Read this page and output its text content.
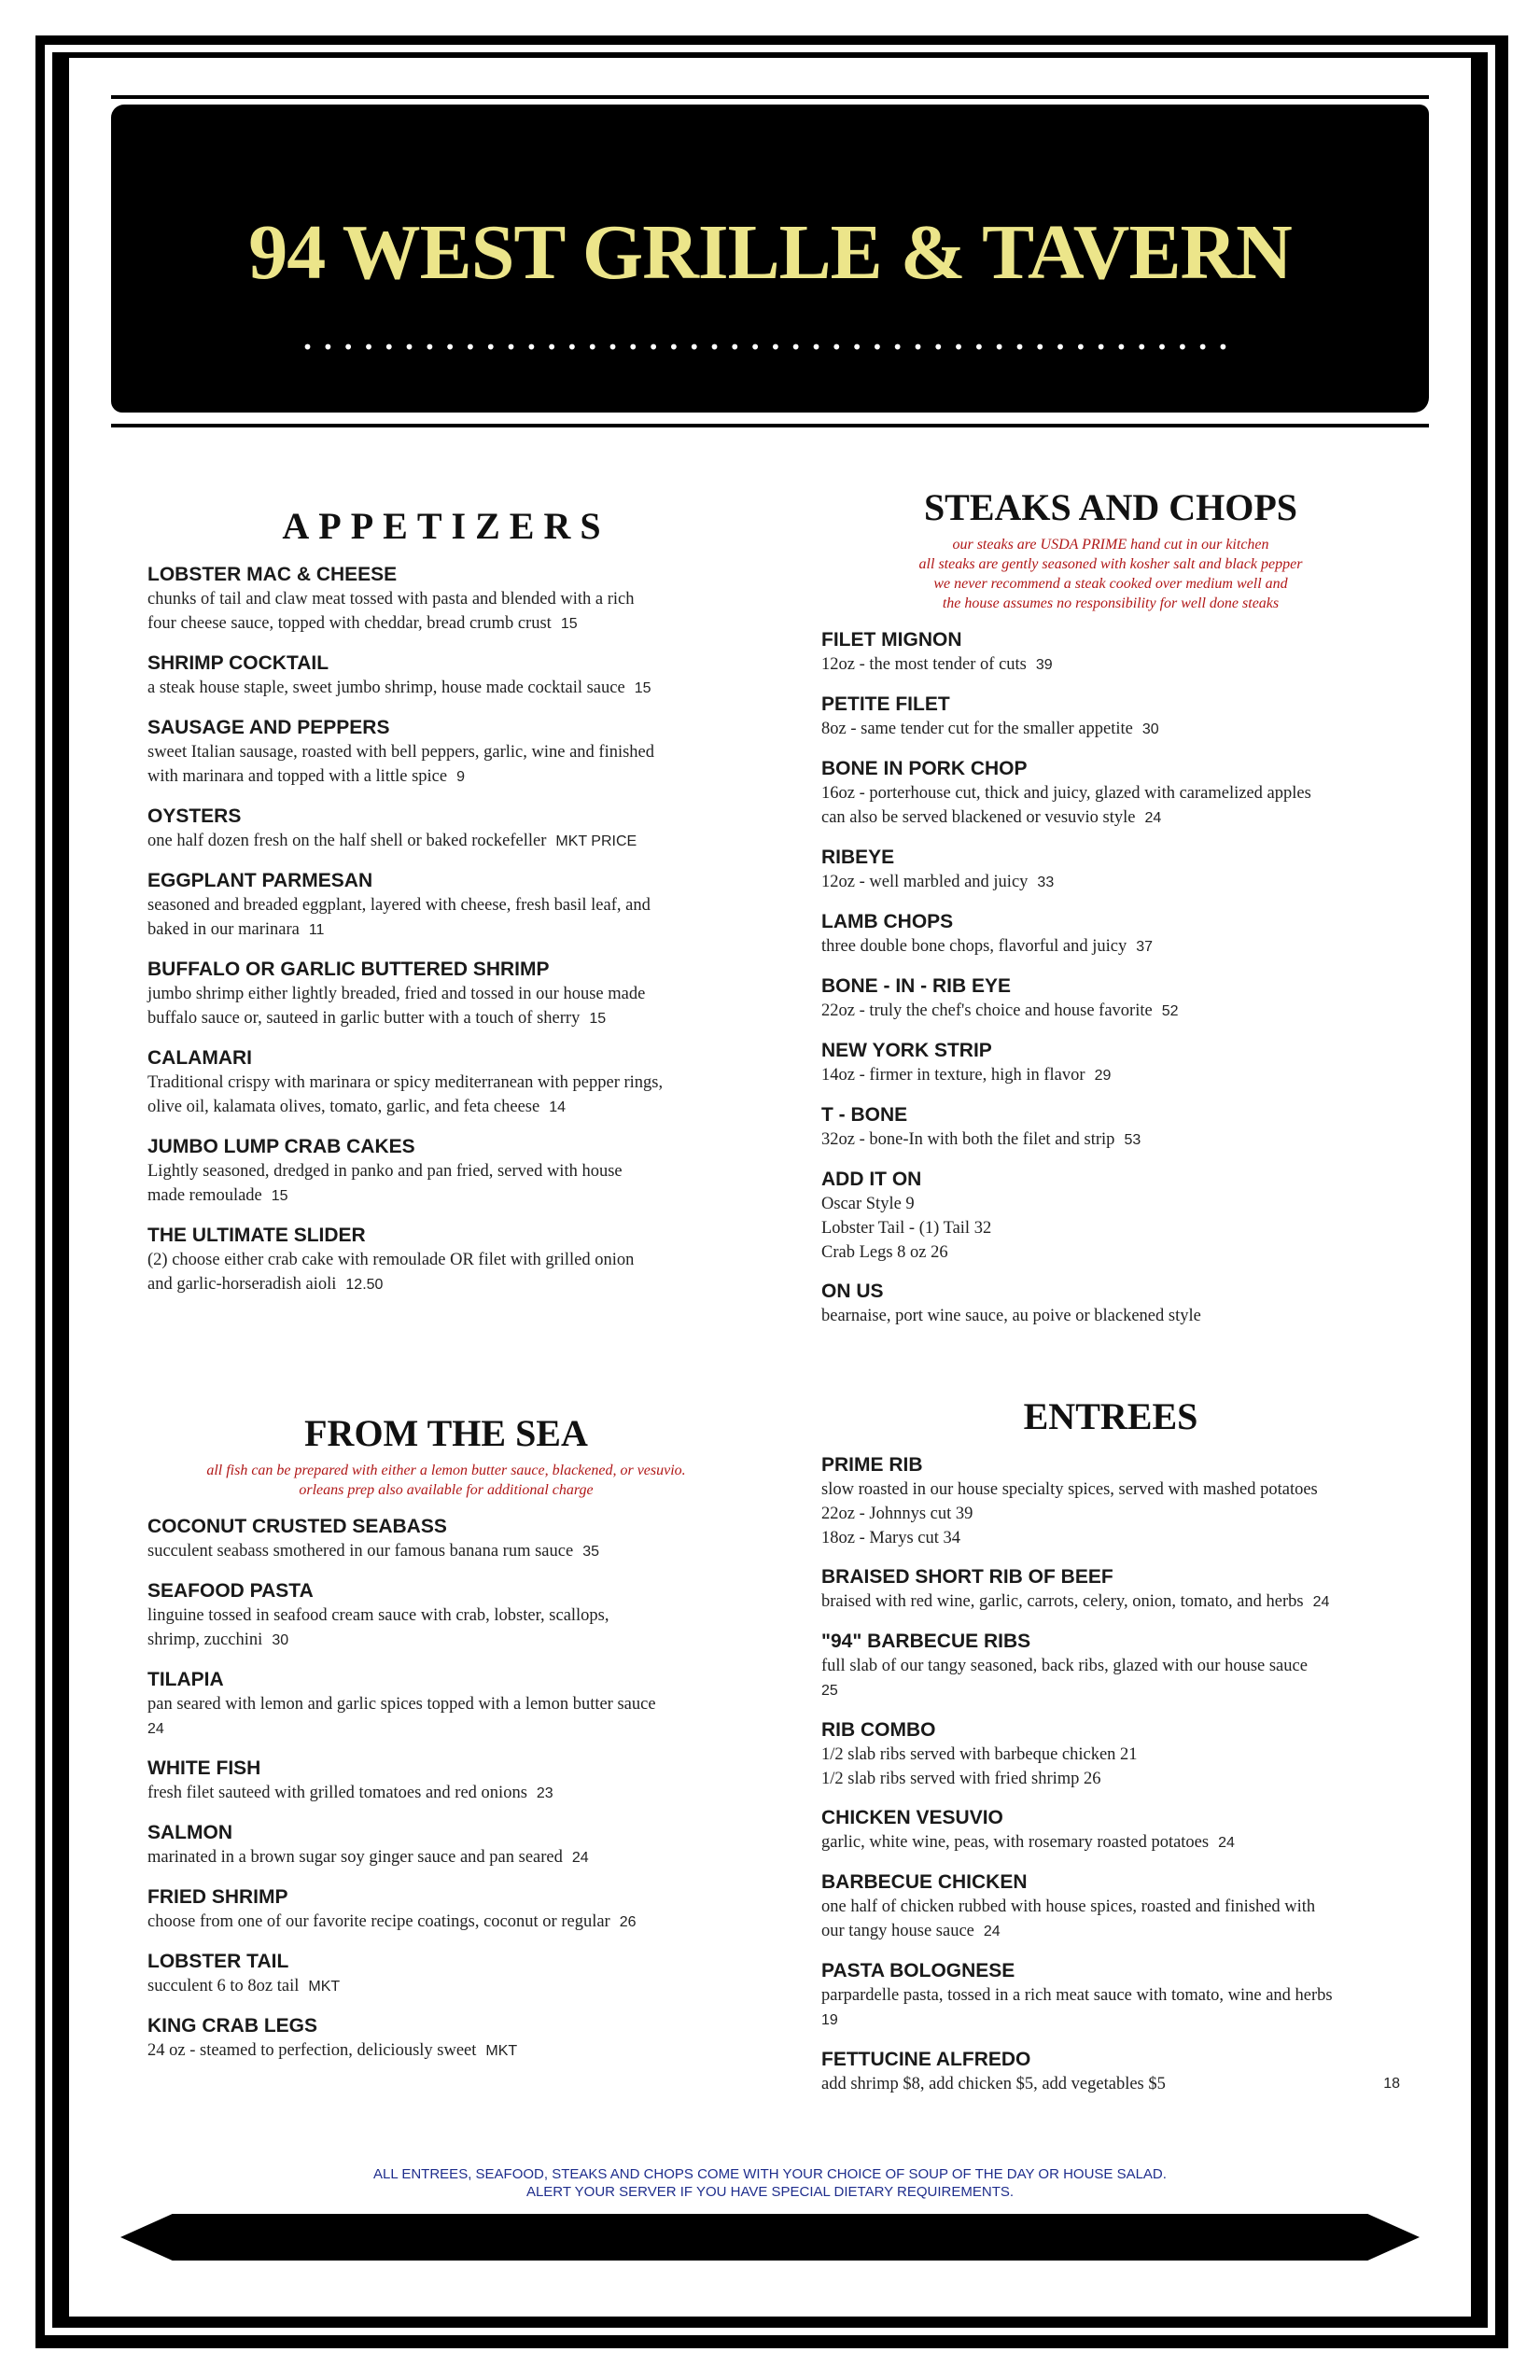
94 WEST GRILLE & TAVERN
••••••••••••••••••••••••••••••••••••••••••••••
APPETIZERS
LOBSTER MAC & CHEESE
chunks of tail and claw meat tossed with pasta and blended with a rich
four cheese sauce, topped with cheddar, bread crumb crust 15
SHRIMP COCKTAIL
a steak house staple, sweet jumbo shrimp, house made cocktail sauce 15
SAUSAGE AND PEPPERS
sweet Italian sausage, roasted with bell peppers, garlic, wine and finished
with marinara and topped with a little spice 9
OYSTERS
one half dozen fresh on the half shell or baked rockefeller MKT PRICE
EGGPLANT PARMESAN
seasoned and breaded eggplant, layered with cheese, fresh basil leaf, and
baked in our marinara 11
BUFFALO OR GARLIC BUTTERED SHRIMP
jumbo shrimp either lightly breaded, fried and tossed in our house made
buffalo sauce or, sauteed in garlic butter with a touch of sherry 15
CALAMARI
Traditional crispy with marinara or spicy mediterranean with pepper rings,
olive oil, kalamata olives, tomato, garlic, and feta cheese 14
JUMBO LUMP CRAB CAKES
Lightly seasoned, dredged in panko and pan fried, served with house
made remoulade 15
THE ULTIMATE SLIDER
(2) choose either crab cake with remoulade OR filet with grilled onion
and garlic-horseradish aioli 12.50
FROM THE SEA
all fish can be prepared with either a lemon butter sauce, blackened, or vesuvio.
orleans prep also available for additional charge
COCONUT CRUSTED SEABASS
succulent seabass smothered in our famous banana rum sauce 35
SEAFOOD PASTA
linguine tossed in seafood cream sauce with crab, lobster, scallops,
shrimp, zucchini 30
TILAPIA
pan seared with lemon and garlic spices topped with a lemon butter sauce
24
WHITE FISH
fresh filet sauteed with grilled tomatoes and red onions 23
SALMON
marinated in a brown sugar soy ginger sauce and pan seared 24
FRIED SHRIMP
choose from one of our favorite recipe coatings, coconut or regular 26
LOBSTER TAIL
succulent 6 to 8oz tail MKT
KING CRAB LEGS
24 oz - steamed to perfection, deliciously sweet MKT
STEAKS AND CHOPS
our steaks are USDA PRIME hand cut in our kitchen
all steaks are gently seasoned with kosher salt and black pepper
we never recommend a steak cooked over medium well and
the house assumes no responsibility for well done steaks
FILET MIGNON
12oz - the most tender of cuts 39
PETITE FILET
8oz - same tender cut for the smaller appetite 30
BONE IN PORK CHOP
16oz - porterhouse cut, thick and juicy, glazed with caramelized apples
can also be served blackened or vesuvio style 24
RIBEYE
12oz - well marbled and juicy 33
LAMB CHOPS
three double bone chops, flavorful and juicy 37
BONE - IN - RIB EYE
22oz - truly the chef's choice and house favorite 52
NEW YORK STRIP
14oz - firmer in texture, high in flavor 29
T - BONE
32oz - bone-In with both the filet and strip 53
ADD IT ON
Oscar Style 9
Lobster Tail - (1) Tail 32
Crab Legs 8 oz 26
ON US
bearnaise, port wine sauce, au poive or blackened style
ENTREES
PRIME RIB
slow roasted in our house specialty spices, served with mashed potatoes
22oz - Johnnys cut 39
18oz - Marys cut 34
BRAISED SHORT RIB OF BEEF
braised with red wine, garlic, carrots, celery, onion, tomato, and herbs 24
"94" BARBECUE RIBS
full slab of our tangy seasoned, back ribs, glazed with our house sauce
25
RIB COMBO
1/2 slab ribs served with barbeque chicken 21
1/2 slab ribs served with fried shrimp 26
CHICKEN VESUVIO
garlic, white wine, peas, with rosemary roasted potatoes 24
BARBECUE CHICKEN
one half of chicken rubbed with house spices, roasted and finished with
our tangy house sauce 24
PASTA BOLOGNESE
parpardelle pasta, tossed in a rich meat sauce with tomato, wine and herbs
19
FETTUCINE ALFREDO
18
add shrimp $8, add chicken $5, add vegetables $5
ALL ENTREES, SEAFOOD, STEAKS AND CHOPS COME WITH YOUR CHOICE OF SOUP OF THE DAY OR HOUSE SALAD.
ALERT YOUR SERVER IF YOU HAVE SPECIAL DIETARY REQUIREMENTS.
